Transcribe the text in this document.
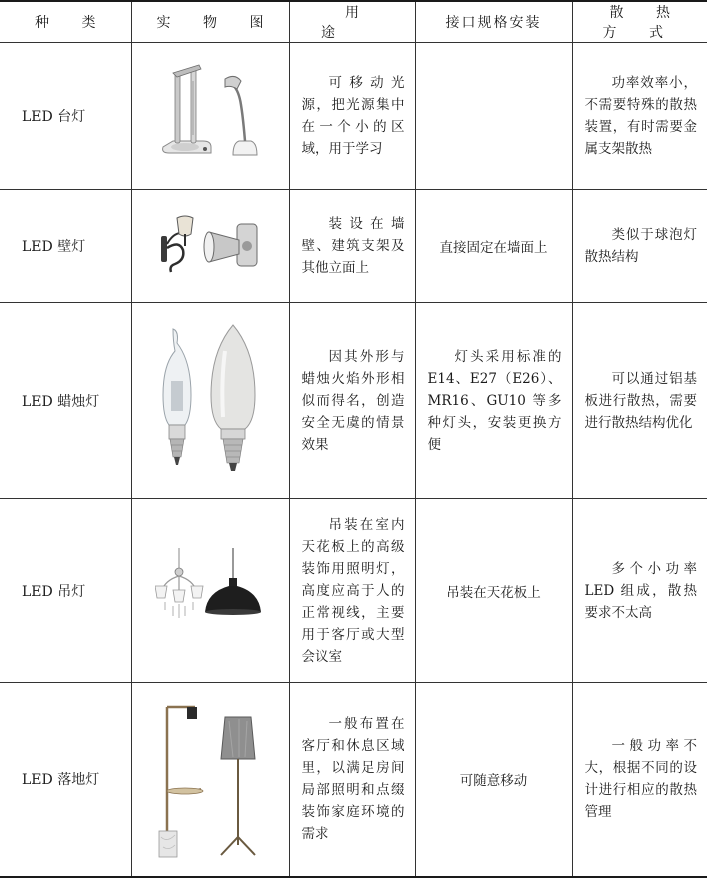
种 类	实 物 图	用 途	接口规格安装	散 热 方 式
LED 台灯		可移动光源，把光源集中在一个小的区域，用于学习		功率效率小，不需要特殊的散热装置，有时需要金属支架散热

LED 壁灯		装设在墙壁、建筑支架及其他立面上	直接固定在墙面上	类似于球泡灯散热结构

LED 蜡烛灯		因其外形与蜡烛火焰外形相似而得名，创造安全无虞的情景效果	灯头采用标准的 E14、E27（E26）、MR16、GU10 等多种灯头，安装更换方便	可以通过铝基板进行散热，需要进行散热结构优化

LED 吊灯		吊装在室内天花板上的高级装饰用照明灯，高度应高于人的正常视线，主要用于客厅或大型会议室	吊装在天花板上	多个小功率 LED 组成，散热要求不太高

LED 落地灯		一般布置在客厅和休息区域里，以满足房间局部照明和点缀装饰家庭环境的需求	可随意移动	一般功率不大，根据不同的设计进行相应的散热管理
